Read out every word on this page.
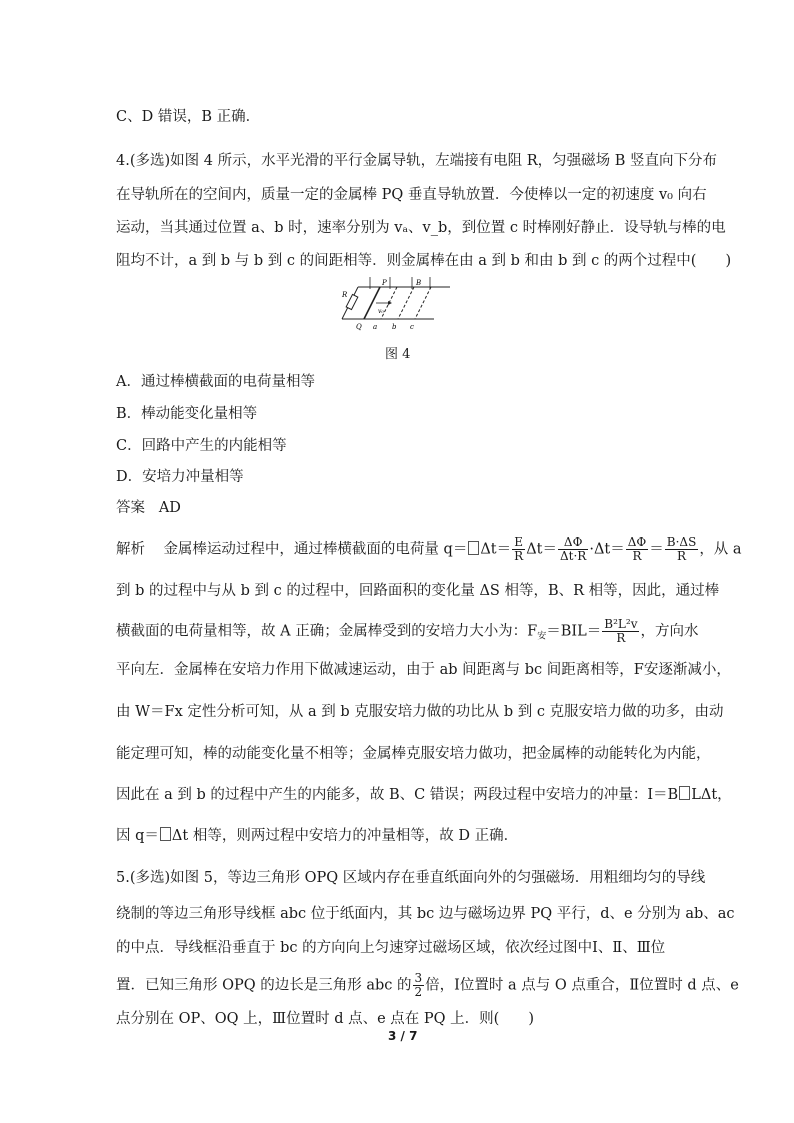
C、D 错误，B 正确．
4.(多选)如图 4 所示，水平光滑的平行金属导轨，左端接有电阻 R，匀强磁场 B 竖直向下分布
在导轨所在的空间内，质量一定的金属棒 PQ 垂直导轨放置．今使棒以一定的初速度 v₀ 向右
运动，当其通过位置 a、b 时，速率分别为 vₐ、v_b，到位置 c 时棒刚好静止．设导轨与棒的电
阻均不计，a 到 b 与 b 到 c 的间距相等．则金属棒在由 a 到 b 和由 b 到 c 的两个过程中(　　)
R
P	B
v₀
Q a b c
图 4
A．通过棒横截面的电荷量相等
B．棒动能变化量相等
C．回路中产生的内能相等
D．安培力冲量相等
答案 AD
解析 金属棒运动过程中，通过棒横截面的电荷量 $q= \Delta t= \frac{E}{R} \Delta t= \frac{\Delta\Phi}{\Delta t\cdot R} \cdot\Delta t= \frac{\Delta\Phi}{R} = \frac{B\cdot\Delta S}{R}$ ，从 a
到 b 的过程中与从 b 到 c 的过程中，回路面积的变化量 ΔS 相等，B、R 相等，因此，通过棒
横截面的电荷量相等，故 A 正确；金属棒受到的安培力大小为：$F_安=BIL= \frac{\text{B²L²v}}{R}$ ，方向水
平向左．金属棒在安培力作用下做减速运动，由于 ab 间距离与 bc 间距离相等，F安逐渐减小，
由 W＝Fx 定性分析可知，从 a 到 b 克服安培力做的功比从 b 到 c 克服安培力做的功多，由动
能定理可知，棒的动能变化量不相等；金属棒克服安培力做功，把金属棒的动能转化为内能，
因此在 a 到 b 的过程中产生的内能多，故 B、C 错误；两段过程中安培力的冲量：I＝B LΔt，
因 q＝ Δt 相等，则两过程中安培力的冲量相等，故 D 正确．
5.(多选)如图 5，等边三角形 OPQ 区域内存在垂直纸面向外的匀强磁场．用粗细均匀的导线
绕制的等边三角形导线框 abc 位于纸面内，其 bc 边与磁场边界 PQ 平行，d、e 分别为 ab、ac
的中点．导线框沿垂直于 bc 的方向向上匀速穿过磁场区域，依次经过图中Ⅰ、Ⅱ、Ⅲ位
置．已知三角形 OPQ 的边长是三角形 abc 的 $\frac{3}{2}$ 倍，Ⅰ位置时 a 点与 O 点重合，Ⅱ位置时 d 点、e
点分别在 OP、OQ 上，Ⅲ位置时 d 点、e 点在 PQ 上．则(　　)
3 / 7
